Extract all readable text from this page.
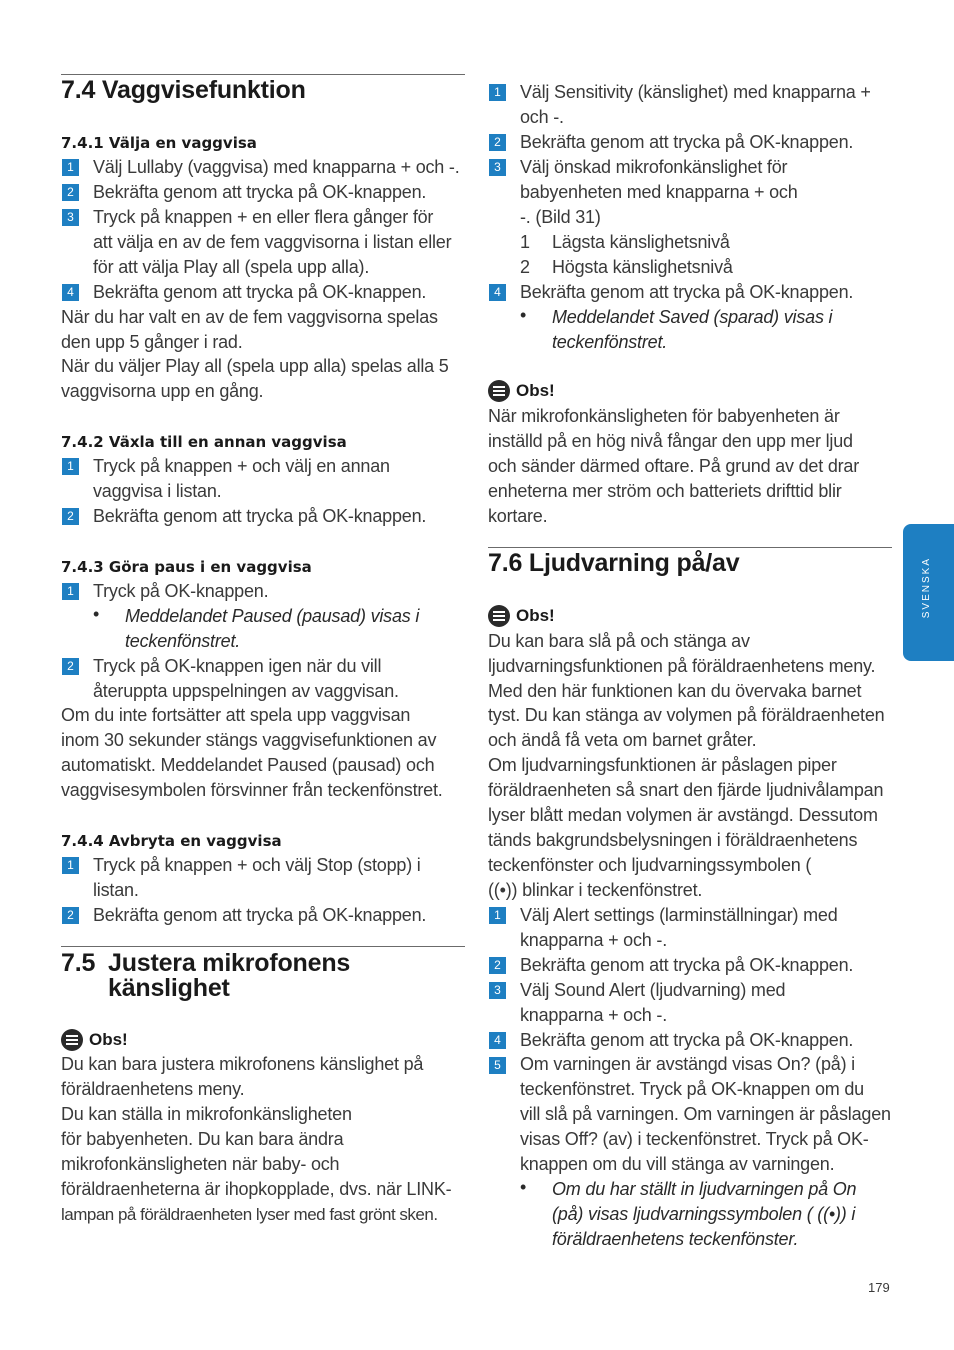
7.4 Vaggvisefunktion
7.4.1 Välja en vaggvisa
1 Välj Lullaby (vaggvisa) med knapparna + och -.
2 Bekräfta genom att trycka på OK-knappen.
3 Tryck på knappen + en eller flera gånger för
att välja en av de fem vaggvisorna i listan eller
för att välja Play all (spela upp alla).
4 Bekräfta genom att trycka på OK-knappen.
När du har valt en av de fem vaggvisorna spelas
den upp 5 gånger i rad.
När du väljer Play all (spela upp alla) spelas alla 5
vaggvisorna upp en gång.
7.4.2 Växla till en annan vaggvisa
1 Tryck på knappen + och välj en annan
vaggvisa i listan.
2 Bekräfta genom att trycka på OK-knappen.
7.4.3 Göra paus i en vaggvisa
1 Tryck på OK-knappen.
• Meddelandet Paused (pausad) visas i
teckenfönstret.
2 Tryck på OK-knappen igen när du vill
återuppta uppspelningen av vaggvisan.
Om du inte fortsätter att spela upp vaggvisan
inom 30 sekunder stängs vaggvisefunktionen av
automatiskt. Meddelandet Paused (pausad) och
vaggvisesymbolen försvinner från teckenfönstret.
7.4.4 Avbryta en vaggvisa
1 Tryck på knappen + och välj Stop (stopp) i
listan.
2 Bekräfta genom att trycka på OK-knappen.
7.5 Justera mikrofonens
känslighet
Obs!
Du kan bara justera mikrofonens känslighet på
föräldraenhetens meny.
Du kan ställa in mikrofonkänsligheten
för babyenheten. Du kan bara ändra
mikrofonkänsligheten när baby- och
föräldraenheterna är ihopkopplade, dvs. när LINK-
lampan på föräldraenheten lyser med fast grönt sken.
1 Välj Sensitivity (känslighet) med knapparna +
och -.
2 Bekräfta genom att trycka på OK-knappen.
3 Välj önskad mikrofonkänslighet för
babyenheten med knapparna + och
-. (Bild 31)
1 Lägsta känslighetsnivå
2 Högsta känslighetsnivå
4 Bekräfta genom att trycka på OK-knappen.
• Meddelandet Saved (sparad) visas i
teckenfönstret.
Obs!
När mikrofonkänsligheten för babyenheten är
inställd på en hög nivå fångar den upp mer ljud
och sänder därmed oftare. På grund av det drar
enheterna mer ström och batteriets drifttid blir
kortare.
7.6 Ljudvarning på/av
Obs!
Du kan bara slå på och stänga av
ljudvarningsfunktionen på föräldraenhetens meny.
Med den här funktionen kan du övervaka barnet
tyst. Du kan stänga av volymen på föräldraenheten
och ändå få veta om barnet gråter.
Om ljudvarningsfunktionen är påslagen piper
föräldraenheten så snart den fjärde ljudnivålampan
lyser blått medan volymen är avstängd. Dessutom
tänds bakgrundsbelysningen i föräldraenhetens
teckenfönster och ljudvarningssymbolen (
((•)) blinkar i teckenfönstret.
1 Välj Alert settings (larminställningar) med
knapparna + och -.
2 Bekräfta genom att trycka på OK-knappen.
3 Välj Sound Alert (ljudvarning) med
knapparna + och -.
4 Bekräfta genom att trycka på OK-knappen.
5 Om varningen är avstängd visas On? (på) i
teckenfönstret. Tryck på OK-knappen om du
vill slå på varningen. Om varningen är påslagen
visas Off? (av) i teckenfönstret. Tryck på OK-
knappen om du vill stänga av varningen.
• Om du har ställt in ljudvarningen på On
(på) visas ljudvarningssymbolen ( ((•)) i
föräldraenhetens teckenfönster.
SVENSKA
179
